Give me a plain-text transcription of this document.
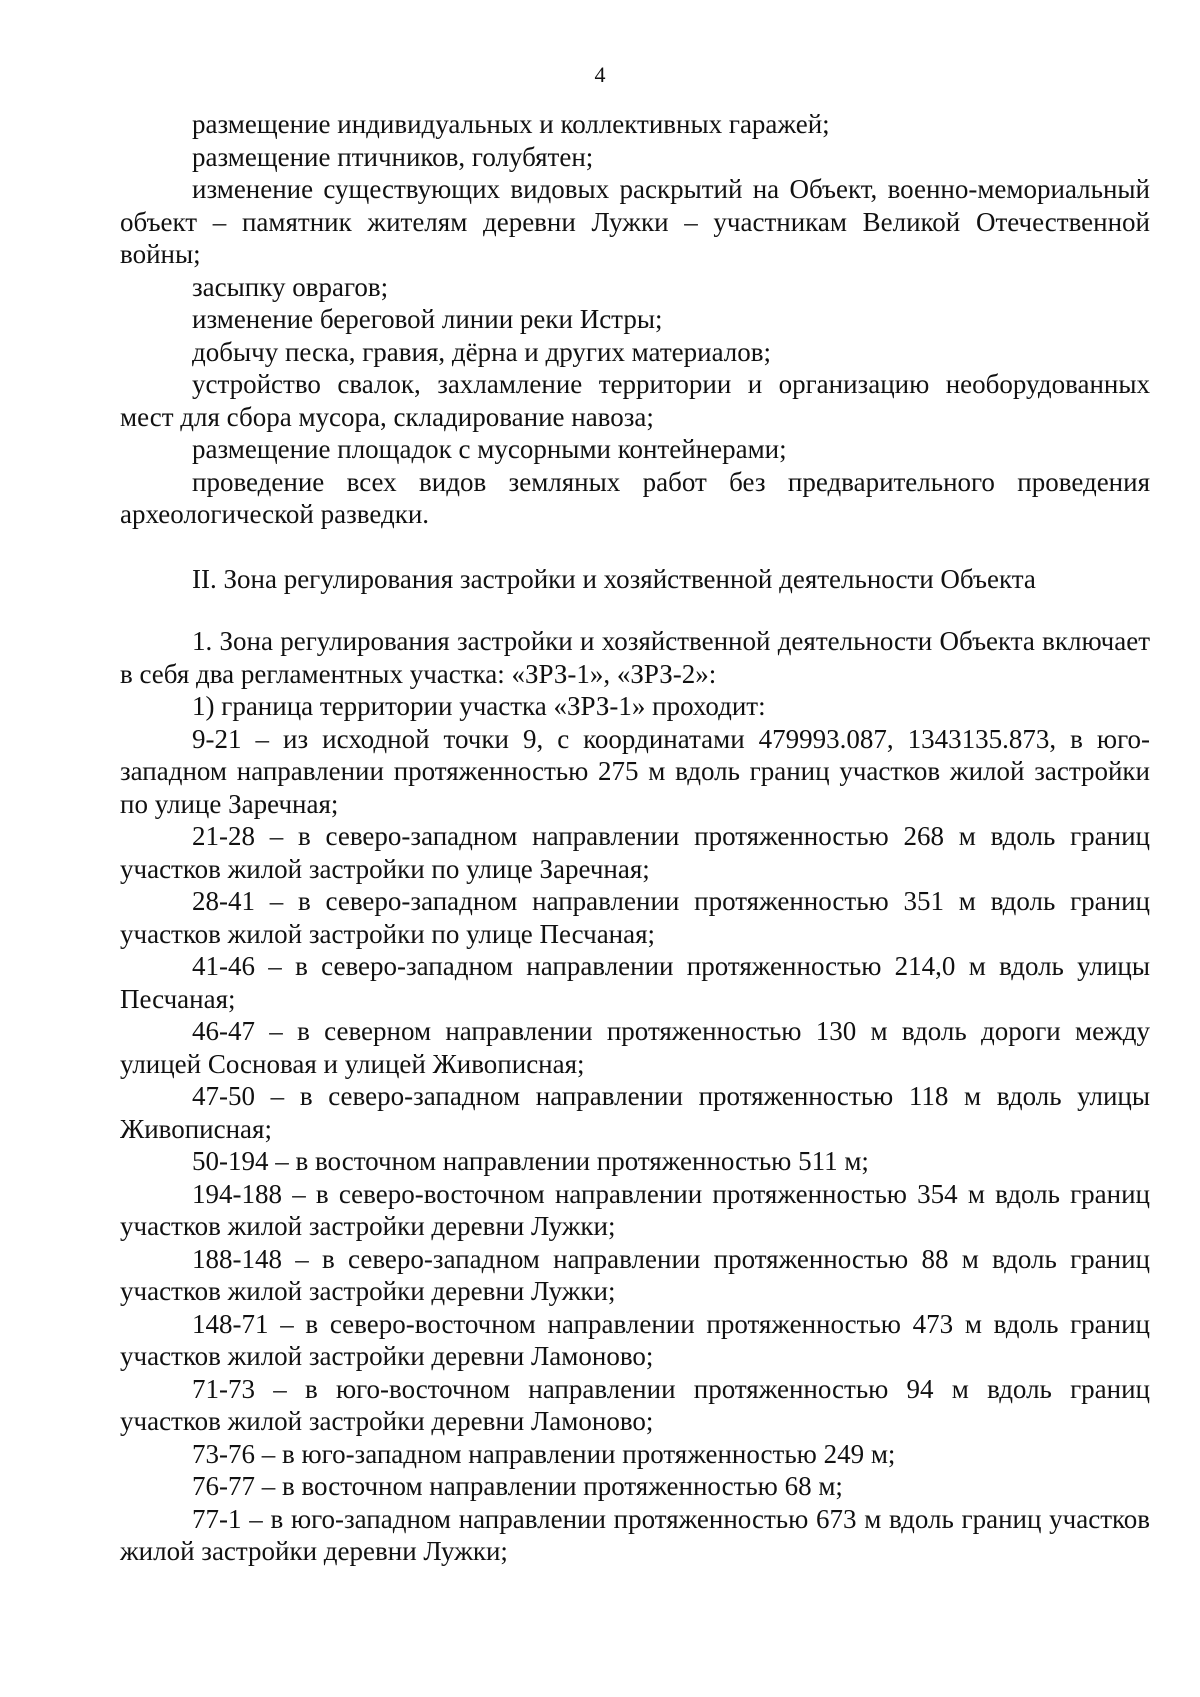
4

размещение индивидуальных и коллективных гаражей;

размещение птичников, голубятен;

изменение существующих видовых раскрытий на Объект, военно-мемориальный объект – памятник жителям деревни Лужки – участникам Великой Отечественной войны;

засыпку оврагов;

изменение береговой линии реки Истры;

добычу песка, гравия, дёрна и других материалов;

устройство свалок, захламление территории и организацию необорудованных мест для сбора мусора, складирование навоза;

размещение площадок с мусорными контейнерами;

проведение всех видов земляных работ без предварительного проведения археологической разведки.

II. Зона регулирования застройки и хозяйственной деятельности Объекта

1. Зона регулирования застройки и хозяйственной деятельности Объекта включает в себя два регламентных участка: «ЗРЗ-1», «ЗРЗ-2»:

1) граница территории участка «ЗРЗ-1» проходит:

9-21 – из исходной точки 9, с координатами 479993.087, 1343135.873, в юго-западном направлении протяженностью 275 м вдоль границ участков жилой застройки по улице Заречная;

21-28 – в северо-западном направлении протяженностью 268 м вдоль границ участков жилой застройки по улице Заречная;

28-41 – в северо-западном направлении протяженностью 351 м вдоль границ участков жилой застройки по улице Песчаная;

41-46 – в северо-западном направлении протяженностью 214,0 м вдоль улицы Песчаная;

46-47 – в северном направлении протяженностью 130 м вдоль дороги между улицей Сосновая и улицей Живописная;

47-50 – в северо-западном направлении протяженностью 118 м вдоль улицы Живописная;

50-194 – в восточном направлении протяженностью 511 м;

194-188 – в северо-восточном направлении протяженностью 354 м вдоль границ участков жилой застройки деревни Лужки;

188-148 – в северо-западном направлении протяженностью 88 м вдоль границ участков жилой застройки деревни Лужки;

148-71 – в северо-восточном направлении протяженностью 473 м вдоль границ участков жилой застройки деревни Ламоново;

71-73 – в юго-восточном направлении протяженностью 94 м вдоль границ участков жилой застройки деревни Ламоново;

73-76 – в юго-западном направлении протяженностью 249 м;

76-77 – в восточном направлении протяженностью 68 м;

77-1 – в юго-западном направлении протяженностью 673 м вдоль границ участков жилой застройки деревни Лужки;
